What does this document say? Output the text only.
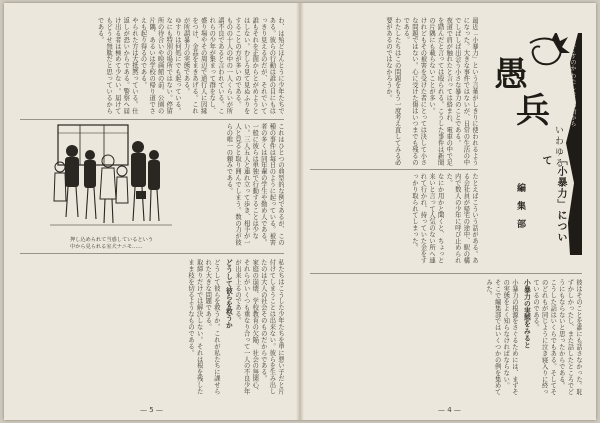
わ、は殆どほんとうに少年たちである。彼らの行動は誰の目にもはっきり見えるのだが、それでいて誰もそれを正面からとがめようとはしない。むしろ見て見ぬふりをすることの方が多いのである。

ものの十人の中の一人くらいが所謂不良であると言われている。これらの少年が集まって群をなし、盛り場やその周辺で通行人に因縁をつけ、金品をまきあげる。これが所謂暴力の実態である。

ゆすりは何処にでも起っている。なにも特別の場所ではない。停留所の待合いや映画館の前、公園の片隅、あるいは学校の帰り道でさえも起り得るのである。

やられた方は大抵黙っている。仕返しが恐いからである。警察へ届け出る者は極めて少ない。届けてもどうせ無駄だと思っているからである。

これはひとつの典型的な例であるが、この種の事件は毎日のように起っている。被害者の多くは同年輩の学生や勤め人である。

一般に彼らは単独で行動することは少ない。三人五人と連れ立って歩き、相手が一人と見ると取り囲んでしまう。数の力が彼らの唯一の頼みである。

押し込められて当惑しているという中から見られる室犬ナニモ……

私たちはこうした少年たちを単に悪い子だと片付けてしまうことは出来ない。彼らを生み出したのは大人の社会そのものだからである。

家庭の崩壊、学校教育の欠陥、社会の無関心、それらがいくつも重なり合って一人の不良少年が出来上るのである。

どうして彼らを救うか

どうして彼らを救うか。これが私たちに課せられた大きな問題である。

取締りだけでは解決しない。それは根を残したまま枝を切るようなものである。

— 5 —

最近「小暴力」という言葉がしきりに使われるようになった。大きな事件ではないが、日常の生活の中でしばしば出会う小さな暴力のことである。

夜道で肩が触れたと言っては絡まれ、電車の中で足を踏んだと言っては殴られる。こうした事件は新聞の片隅にも載らないことが多い。

けれどもその被害を受けた者にとっては決して小さな問題ではない。心に受けた傷はいつまでも残るのである。

わたしたちはこの問題をもう一度考え直してみる必要があるのではなかろうか。	なくすのか わたしたちの街から
愚
兵
いわゆる
「小暴力」について
編 集 部

たとえばこういう話がある。ある会社員が帰宅の途中、駅の構内で数人の少年に呼び止められた。

なにか用かと聞くと、ちょっと来いと言って人気のない所へ連れて行かれ、持っていた金をすっかり取られてしまった。

彼はそのことを誰にも話さなかった。恥ずかしかったし、また話したところでどうにもならないと思ったからである。

こうした話はいくらでもある。そしてそのどれもが同じように泣き寝入りに終っているのである。

小暴力の実態をみると

小暴力の根源をさぐるためには、まずその実態をよく知らなければならない。

そこで編集部ではいくつかの例を集めてみた。

— 4 —
